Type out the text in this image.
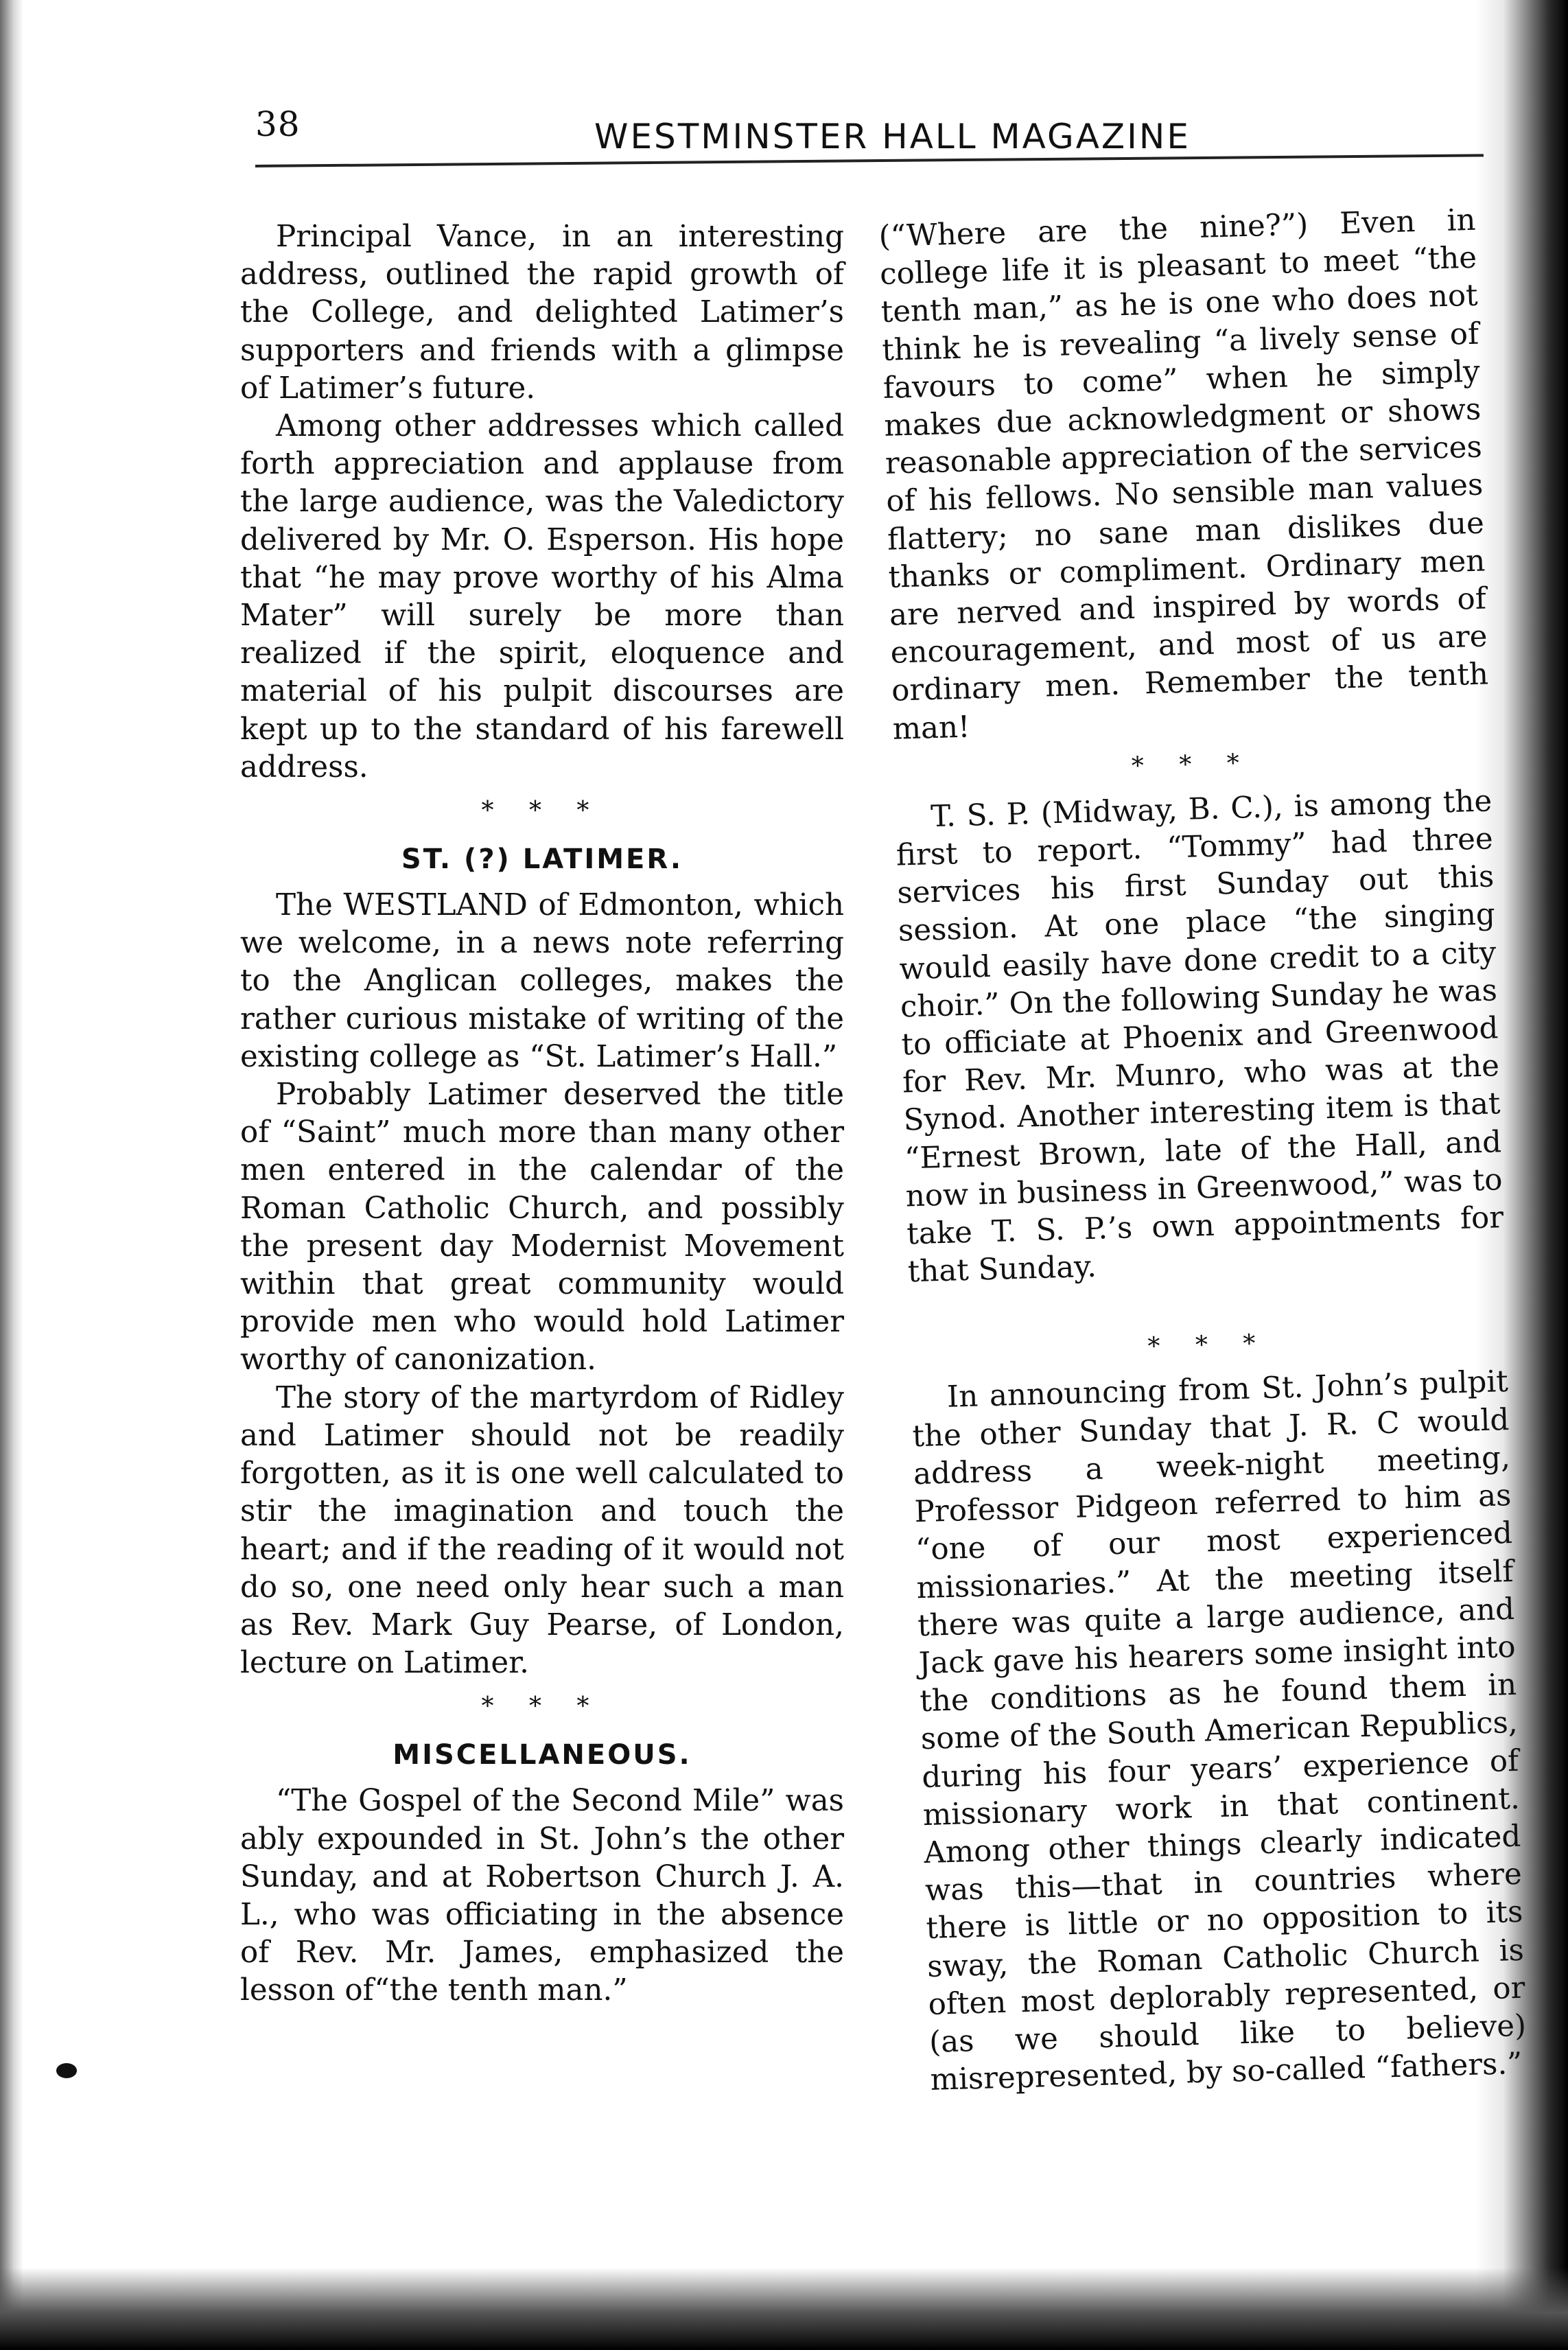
38	WESTMINSTER HALL MAGAZINE

Principal Vance, in an interesting address, outlined the rapid growth of the College, and delighted Latimer’s supporters and friends with a glimpse of Latimer’s future.

Among other addresses which called forth appreciation and applause from the large audience, was the Valedictory delivered by Mr. O. Esperson. His hope that “he may prove worthy of his Alma Mater” will surely be more than realized if the spirit, eloquence and material of his pulpit discourses are kept up to the standard of his farewell address.

* * *
ST. (?) LATIMER.

The WESTLAND of Edmonton, which we welcome, in a news note referring to the Anglican colleges, makes the rather curious mistake of writing of the existing college as “St. Latimer’s Hall.”

Probably Latimer deserved the title of “Saint” much more than many other men entered in the calendar of the Roman Catholic Church, and possibly the present day Modernist Movement within that great community would provide men who would hold Latimer worthy of canonization.

The story of the martyrdom of Ridley and Latimer should not be readily forgotten, as it is one well calculated to stir the imagination and touch the heart; and if the reading of it would not do so, one need only hear such a man as Rev. Mark Guy Pearse, of London, lecture on Latimer.

* * *
MISCELLANEOUS.

“The Gospel of the Second Mile” was ably expounded in St. John’s the other Sunday, and at Robertson Church J. A. L., who was officiating in the absence of Rev. Mr. James, emphasized the lesson of“the tenth man.”

(“Where are the nine?”) Even in college life it is pleasant to meet “the tenth man,” as he is one who does not think he is revealing “a lively sense of favours to come” when he simply makes due acknowledgment or shows reasonable appreciation of the services of his fellows. No sensible man values flattery; no sane man dislikes due thanks or compliment. Ordinary men are nerved and inspired by words of encouragement, and most of us are ordinary men. Remember the tenth man!

* * *

T. S. P. (Midway, B. C.), is among the first to report. “Tommy” had three services his first Sunday out this session. At one place “the singing would easily have done credit to a city choir.” On the following Sunday he was to officiate at Phoenix and Greenwood for Rev. Mr. Munro, who was at the Synod. Another interesting item is that “Ernest Brown, late of the Hall, and now in business in Greenwood,” was to take T. S. P.’s own appointments for that Sunday.

* * *

In announcing from St. John’s pulpit the other Sunday that J. R. C would address a week-night meeting, Professor Pidgeon referred to him as “one of our most experienced missionaries.” At the meeting itself there was quite a large audience, and Jack gave his hearers some insight into the conditions as he found them in some of the South American Republics, during his four years’ experience of missionary work in that continent. Among other things clearly indicated was this—that in countries where there is little or no opposition to its sway, the Roman Catholic Church is often most deplorably represented, or (as we should like to believe) misrepresented, by so-called “fathers.”
